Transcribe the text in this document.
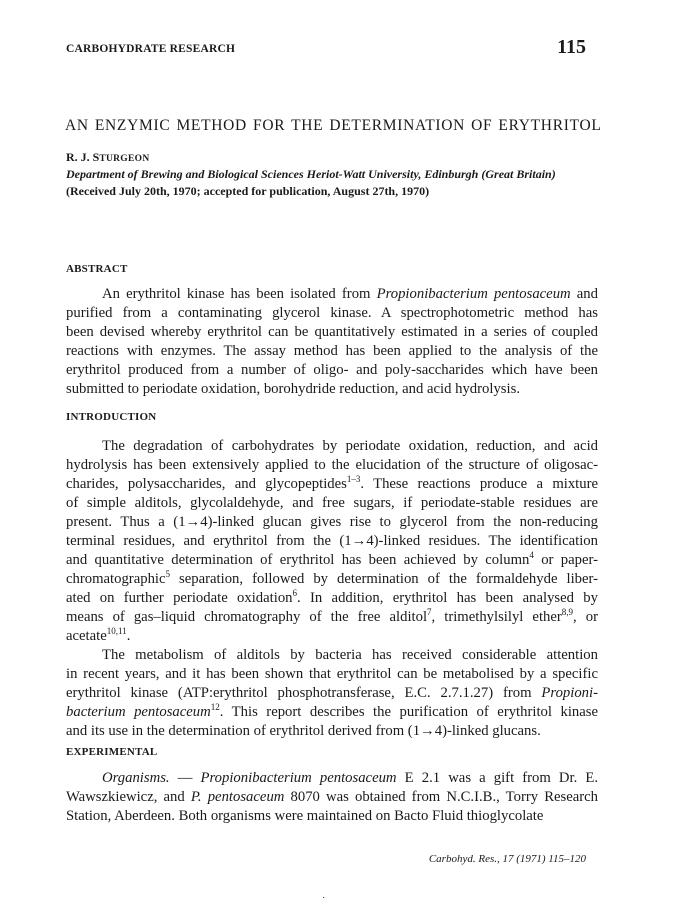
CARBOHYDRATE RESEARCH	115
AN ENZYMIC METHOD FOR THE DETERMINATION OF ERYTHRITOL
R. J. STURGEON
Department of Brewing and Biological Sciences Heriot-Watt University, Edinburgh (Great Britain)
(Received July 20th, 1970; accepted for publication, August 27th, 1970)
ABSTRACT
An erythritol kinase has been isolated from Propionibacterium pentosaceum and
purified from a contaminating glycerol kinase. A spectrophotometric method has
been devised whereby erythritol can be quantitatively estimated in a series of coupled
reactions with enzymes. The assay method has been applied to the analysis of the
erythritol produced from a number of oligo- and poly-saccharides which have been
submitted to periodate oxidation, borohydride reduction, and acid hydrolysis.
INTRODUCTION
The degradation of carbohydrates by periodate oxidation, reduction, and acid
hydrolysis has been extensively applied to the elucidation of the structure of oligosac-
charides, polysaccharides, and glycopeptides$^{1-3}$. These reactions produce a mixture
of simple alditols, glycolaldehyde, and free sugars, if periodate-stable residues are
present. Thus a (1→4)-linked glucan gives rise to glycerol from the non-reducing
terminal residues, and erythritol from the (1→4)-linked residues. The identification
and quantitative determination of erythritol has been achieved by column$^4$ or paper-
chromatographic$^5$ separation, followed by determination of the formaldehyde liber-
ated on further periodate oxidation$^6$. In addition, erythritol has been analysed by
means of gas–liquid chromatography of the free alditol$^7$, trimethylsilyl ether$^{8,9}$, or
acetate$^{10,11}$.
The metabolism of alditols by bacteria has received considerable attention
in recent years, and it has been shown that erythritol can be metabolised by a specific
erythritol kinase (ATP:erythritol phosphotransferase, E.C. 2.7.1.27) from Propioni-
bacterium pentosaceum$^{12}$. This report describes the purification of erythritol kinase
and its use in the determination of erythritol derived from (1→4)-linked glucans.
EXPERIMENTAL
Organisms. — Propionibacterium pentosaceum E 2.1 was a gift from Dr. E.
Wawszkiewicz, and P. pentosaceum 8070 was obtained from N.C.I.B., Torry Research
Station, Aberdeen. Both organisms were maintained on Bacto Fluid thioglycolate
Carbohyd. Res., 17 (1971) 115–120
˙
